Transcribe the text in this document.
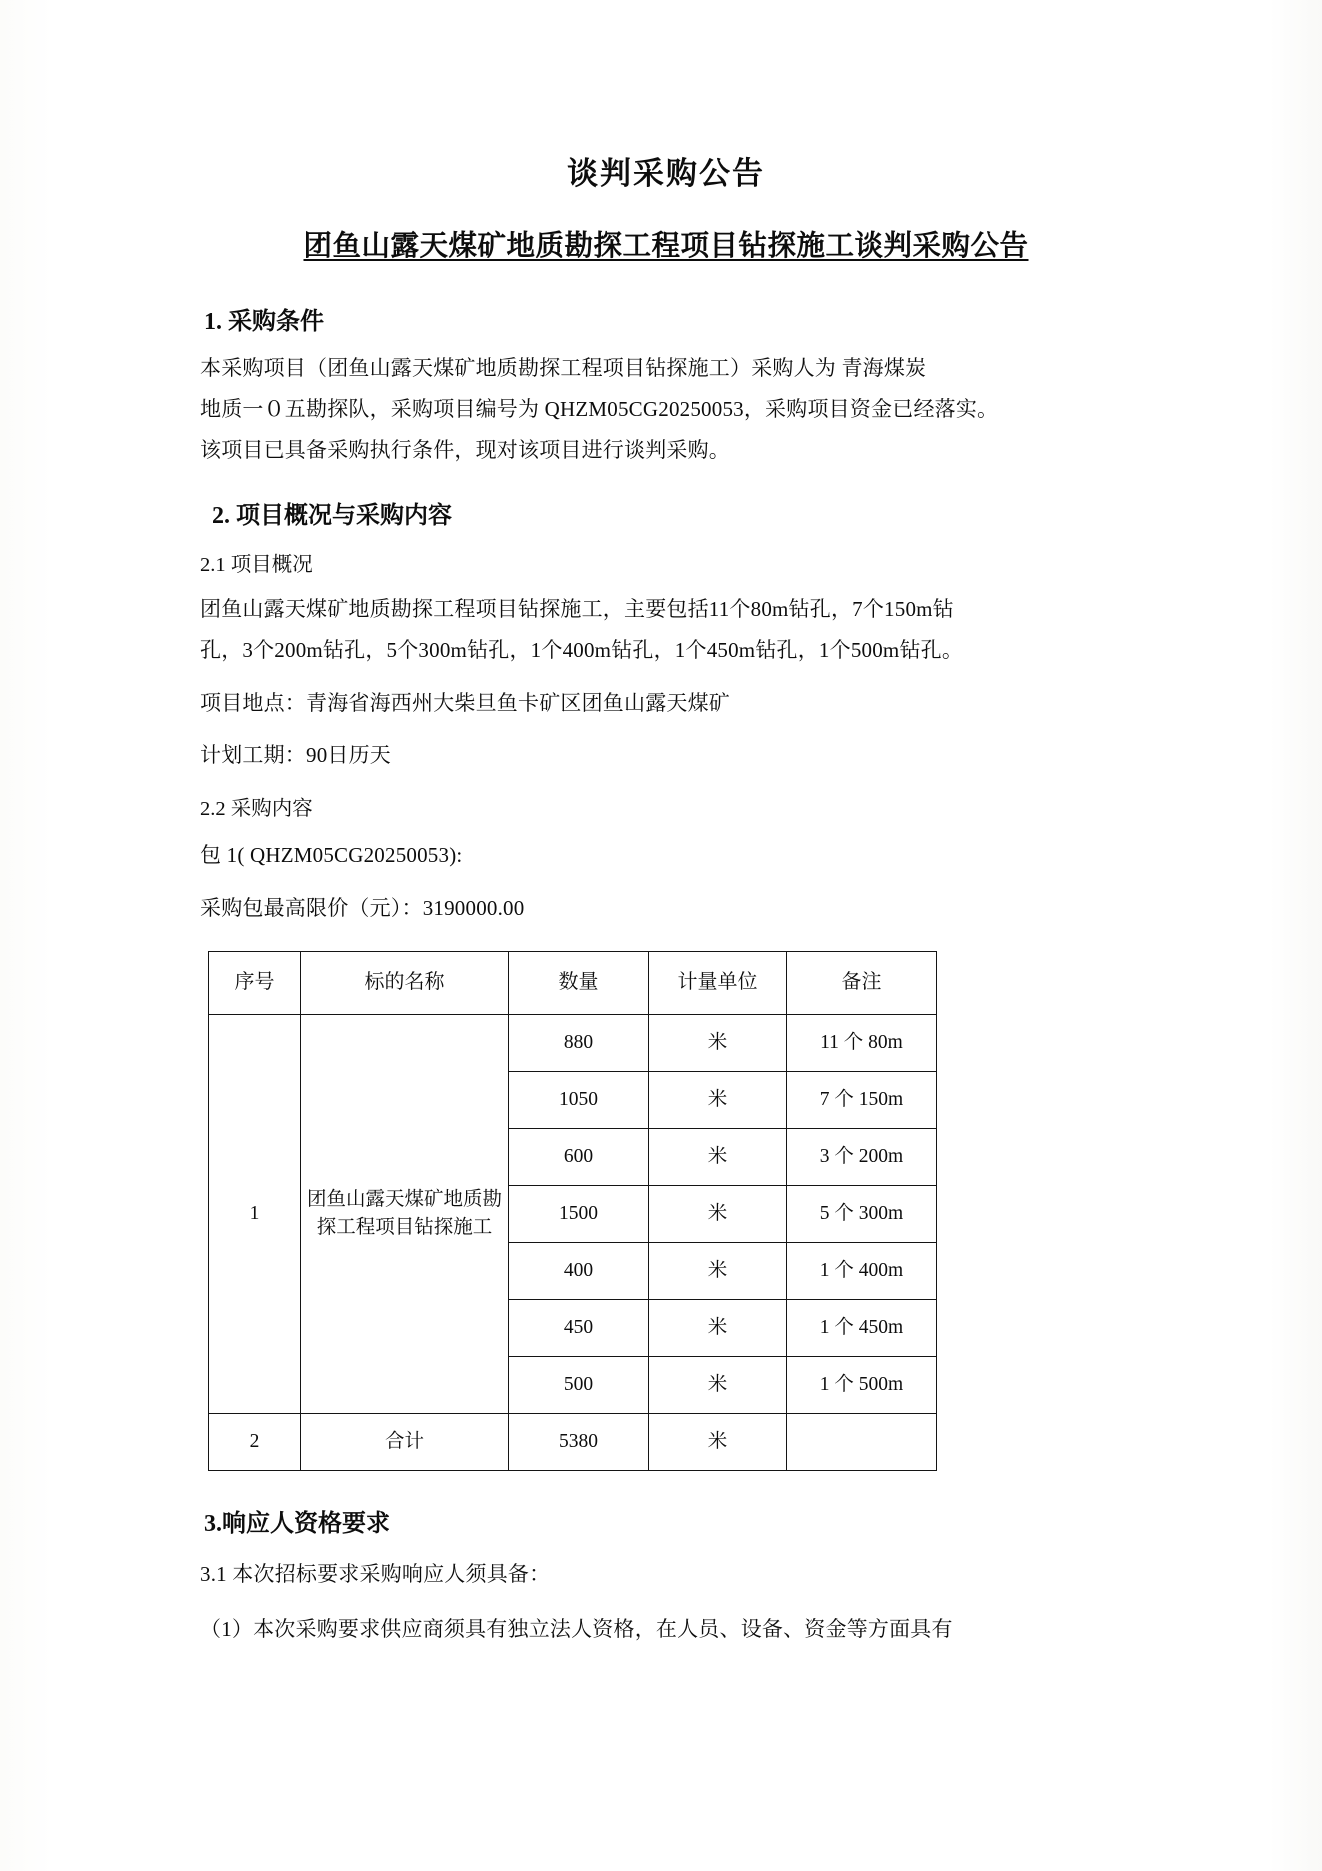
谈判采购公告
团鱼山露天煤矿地质勘探工程项目钻探施工谈判采购公告
1. 采购条件

本采购项目（团鱼山露天煤矿地质勘探工程项目钻探施工）采购人为 青海煤炭

地质一０五勘探队，采购项目编号为 QHZM05CG20250053，采购项目资金已经落实。

该项目已具备采购执行条件，现对该项目进行谈判采购。

2. 项目概况与采购内容

2.1 项目概况

团鱼山露天煤矿地质勘探工程项目钻探施工，主要包括11个80m钻孔，7个150m钻

孔，3个200m钻孔，5个300m钻孔，1个400m钻孔，1个450m钻孔，1个500m钻孔。

项目地点：青海省海西州大柴旦鱼卡矿区团鱼山露天煤矿

计划工期：90日历天

2.2 采购内容

包 1( QHZM05CG20250053):

采购包最高限价（元）：3190000.00

序号	标的名称	数量	计量单位	备注
1	团鱼山露天煤矿地质勘探工程项目钻探施工	880	米	11 个 80m
		1050	米	7 个 150m
		600	米	3 个 200m
		1500	米	5 个 300m
		400	米	1 个 400m
		450	米	1 个 450m
		500	米	1 个 500m
2	合计	5380	米	
3.响应人资格要求

3.1 本次招标要求采购响应人须具备：

（1）本次采购要求供应商须具有独立法人资格，在人员、设备、资金等方面具有
